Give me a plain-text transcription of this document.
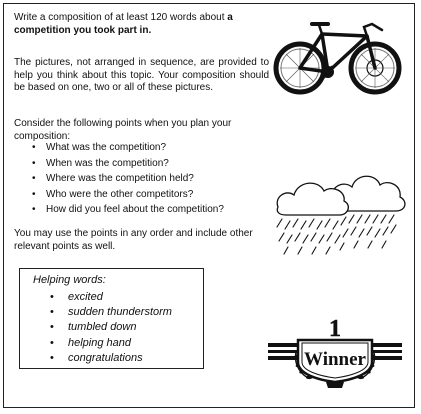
Write a composition of at least 120 words about a
competition you took part in.
The pictures, not arranged in sequence, are provided to help you think about this topic. Your composition should be based on one, two or all of these pictures.
Consider the following points when you plan your composition:
• What was the competition?
• When was the competition?
• Where was the competition held?
• Who were the other competitors?
• How did you feel about the competition?
You may use the points in any order and include other relevant points as well.
Helping words:
• excited
• sudden thunderstorm
• tumbled down
• helping hand
• congratulations
1
Winner
